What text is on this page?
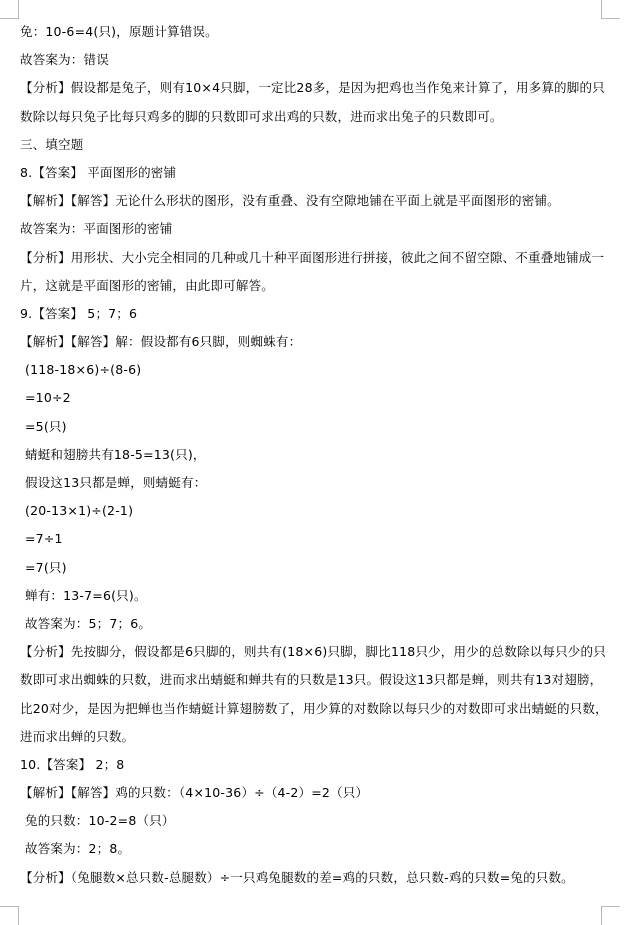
免：10-6=4(只)，原题计算错误。
故答案为：错误
【分析】假设都是兔子，则有10×4只脚，一定比28多，是因为把鸡也当作兔来计算了，用多算的脚的只
数除以每只兔子比每只鸡多的脚的只数即可求出鸡的只数，进而求出兔子的只数即可。
三、填空题
8.【答案】 平面图形的密铺
【解析】【解答】无论什么形状的图形，没有重叠、没有空隙地铺在平面上就是平面图形的密铺。
故答案为：平面图形的密铺
【分析】用形状、大小完全相同的几种或几十种平面图形进行拼接，彼此之间不留空隙、不重叠地铺成一
片，这就是平面图形的密铺，由此即可解答。
9.【答案】 5；7；6
【解析】【解答】解：假设都有6只脚，则蜘蛛有：
(118-18×6)÷(8-6)
=10÷2
=5(只)
蜻蜓和翅膀共有18-5=13(只)，
假设这13只都是蝉，则蜻蜓有：
(20-13×1)÷(2-1)
=7÷1
=7(只)
蝉有：13-7=6(只)。
故答案为：5；7；6。
【分析】先按脚分，假设都是6只脚的，则共有(18×6)只脚，脚比118只少，用少的总数除以每只少的只
数即可求出蜘蛛的只数，进而求出蜻蜓和蝉共有的只数是13只。假设这13只都是蝉，则共有13对翅膀，
比20对少，是因为把蝉也当作蜻蜓计算翅膀数了，用少算的对数除以每只少的对数即可求出蜻蜓的只数，
进而求出蝉的只数。
10.【答案】 2；8
【解析】【解答】鸡的只数：（4×10-36）÷（4-2）=2（只）
兔的只数：10-2=8（只）
故答案为：2；8。
【分析】（兔腿数×总只数-总腿数）÷一只鸡兔腿数的差=鸡的只数，总只数-鸡的只数=兔的只数。
